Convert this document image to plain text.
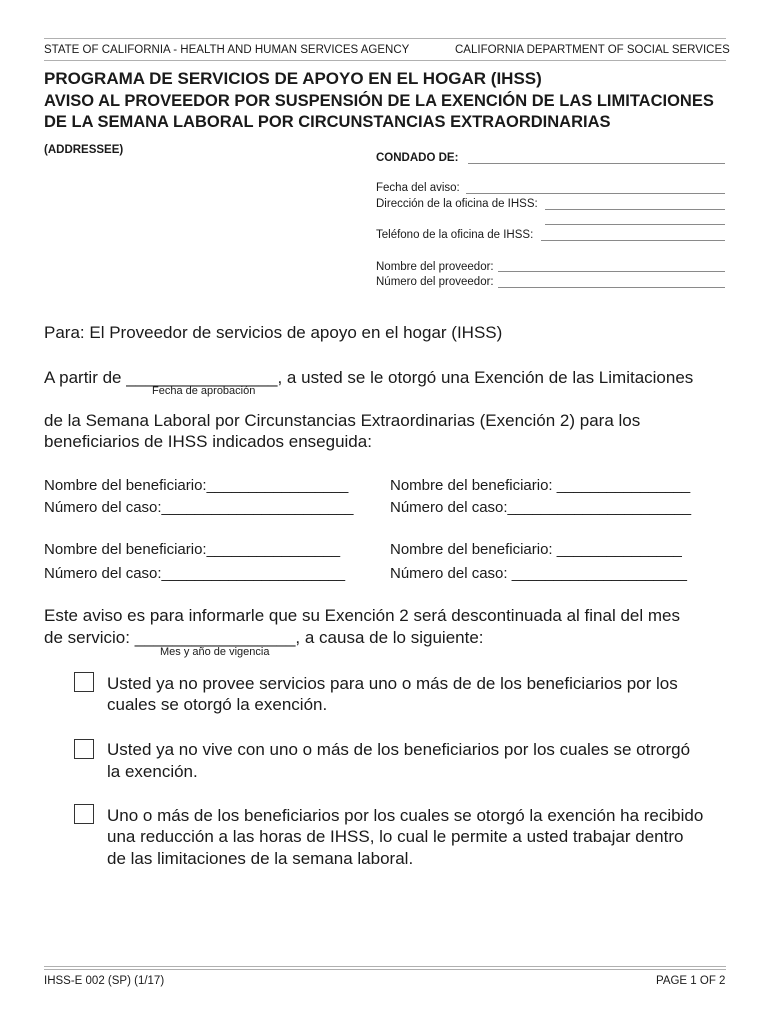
STATE OF CALIFORNIA - HEALTH AND HUMAN SERVICES AGENCY	CALIFORNIA DEPARTMENT OF SOCIAL SERVICES
PROGRAMA DE SERVICIOS DE APOYO EN EL HOGAR (IHSS)
AVISO AL PROVEEDOR POR SUSPENSIÓN DE LA EXENCIÓN DE LAS LIMITACIONES
DE LA SEMANA LABORAL POR CIRCUNSTANCIAS EXTRAORDINARIAS
(ADDRESSEE)
CONDADO DE:
Fecha del aviso:
Dirección de la oficina de IHSS:
Teléfono de la oficina de IHSS:
Nombre del proveedor:
Número del proveedor:
Para: El Proveedor de servicios de apoyo en el hogar (IHSS)
A partir de ________________, a usted se le otorgó una Exención de las Limitaciones
Fecha de aprobación
de la Semana Laboral por Circunstancias Extraordinarias (Exención 2) para los
beneficiarios de IHSS indicados enseguida:
Nombre del beneficiario:_________________
Número del caso:_______________________
Nombre del beneficiario: ________________
Número del caso:______________________
Nombre del beneficiario:________________
Número del caso:______________________
Nombre del beneficiario: _______________
Número del caso: _____________________
Este aviso es para informarle que su Exención 2 será descontinuada al final del mes
de servicio: _________________, a causa de lo siguiente:
Mes y año de vigencia
Usted ya no provee servicios para uno o más de de los beneficiarios por los
cuales se otorgó la exención.
Usted ya no vive con uno o más de los beneficiarios por los cuales se otrorgó
la exención.
Uno o más de los beneficiarios por los cuales se otorgó la exención ha recibido
una reducción a las horas de IHSS, lo cual le permite a usted trabajar dentro
de las limitaciones de la semana laboral.
IHSS-E 002 (SP) (1/17)	PAGE 1 OF 2
